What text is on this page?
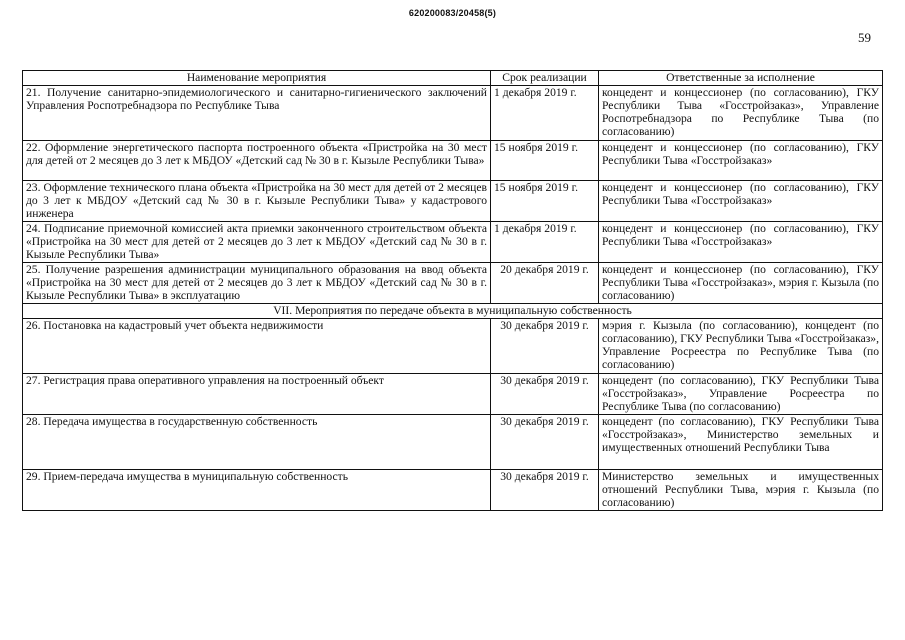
620200083/20458(5)
59
Наименование мероприятия	Срок реализации	Ответственные за исполнение
21. Получение санитарно-эпидемиологического и санитарно-гигиенического заключений Управления Роспотребнадзора по Республике Тыва	1 декабря 2019 г.	концедент и концессионер (по согласованию), ГКУ Республики Тыва «Госстройзаказ», Управление Роспотребнадзора по Республике Тыва (по согласованию)
22. Оформление энергетического паспорта построенного объекта «Пристройка на 30 мест для детей от 2 месяцев до 3 лет к МБДОУ «Детский сад № 30 в г. Кызыле Республики Тыва»	15 ноября 2019 г.	концедент и концессионер (по согласованию), ГКУ Республики Тыва «Госстройзаказ»
23. Оформление технического плана объекта «Пристройка на 30 мест для детей от 2 месяцев до 3 лет к МБДОУ «Детский сад № 30 в г. Кызыле Республики Тыва» у кадастрового инженера	15 ноября 2019 г.	концедент и концессионер (по согласованию), ГКУ Республики Тыва «Госстройзаказ»
24. Подписание приемочной комиссией акта приемки законченного строительством объекта «Пристройка на 30 мест для детей от 2 месяцев до 3 лет к МБДОУ «Детский сад № 30 в г. Кызыле Республики Тыва»	1 декабря 2019 г.	концедент и концессионер (по согласованию), ГКУ Республики Тыва «Госстройзаказ»
25. Получение разрешения администрации муниципального образования на ввод объекта «Пристройка на 30 мест для детей от 2 месяцев до 3 лет к МБДОУ «Детский сад № 30 в г. Кызыле Республики Тыва» в эксплуатацию	20 декабря 2019 г.	концедент и концессионер (по согласованию), ГКУ Республики Тыва «Госстройзаказ», мэрия г. Кызыла (по согласованию)
VII. Мероприятия по передаче объекта в муниципальную собственность		
26. Постановка на кадастровый учет объекта недвижимости	30 декабря 2019 г.	мэрия г. Кызыла (по согласованию), концедент (по согласованию), ГКУ Республики Тыва «Госстройзаказ», Управление Росреестра по Республике Тыва (по согласованию)
27. Регистрация права оперативного управления на построенный объект	30 декабря 2019 г.	концедент (по согласованию), ГКУ Республики Тыва «Госстройзаказ», Управление Росреестра по Республике Тыва (по согласованию)
28. Передача имущества в государственную собственность	30 декабря 2019 г.	концедент (по согласованию), ГКУ Республики Тыва «Госстройзаказ», Министерство земельных и имущественных отношений Республики Тыва
29. Прием-передача имущества в муниципальную собственность	30 декабря 2019 г.	Министерство земельных и имущественных отношений Республики Тыва, мэрия г. Кызыла (по согласованию)
